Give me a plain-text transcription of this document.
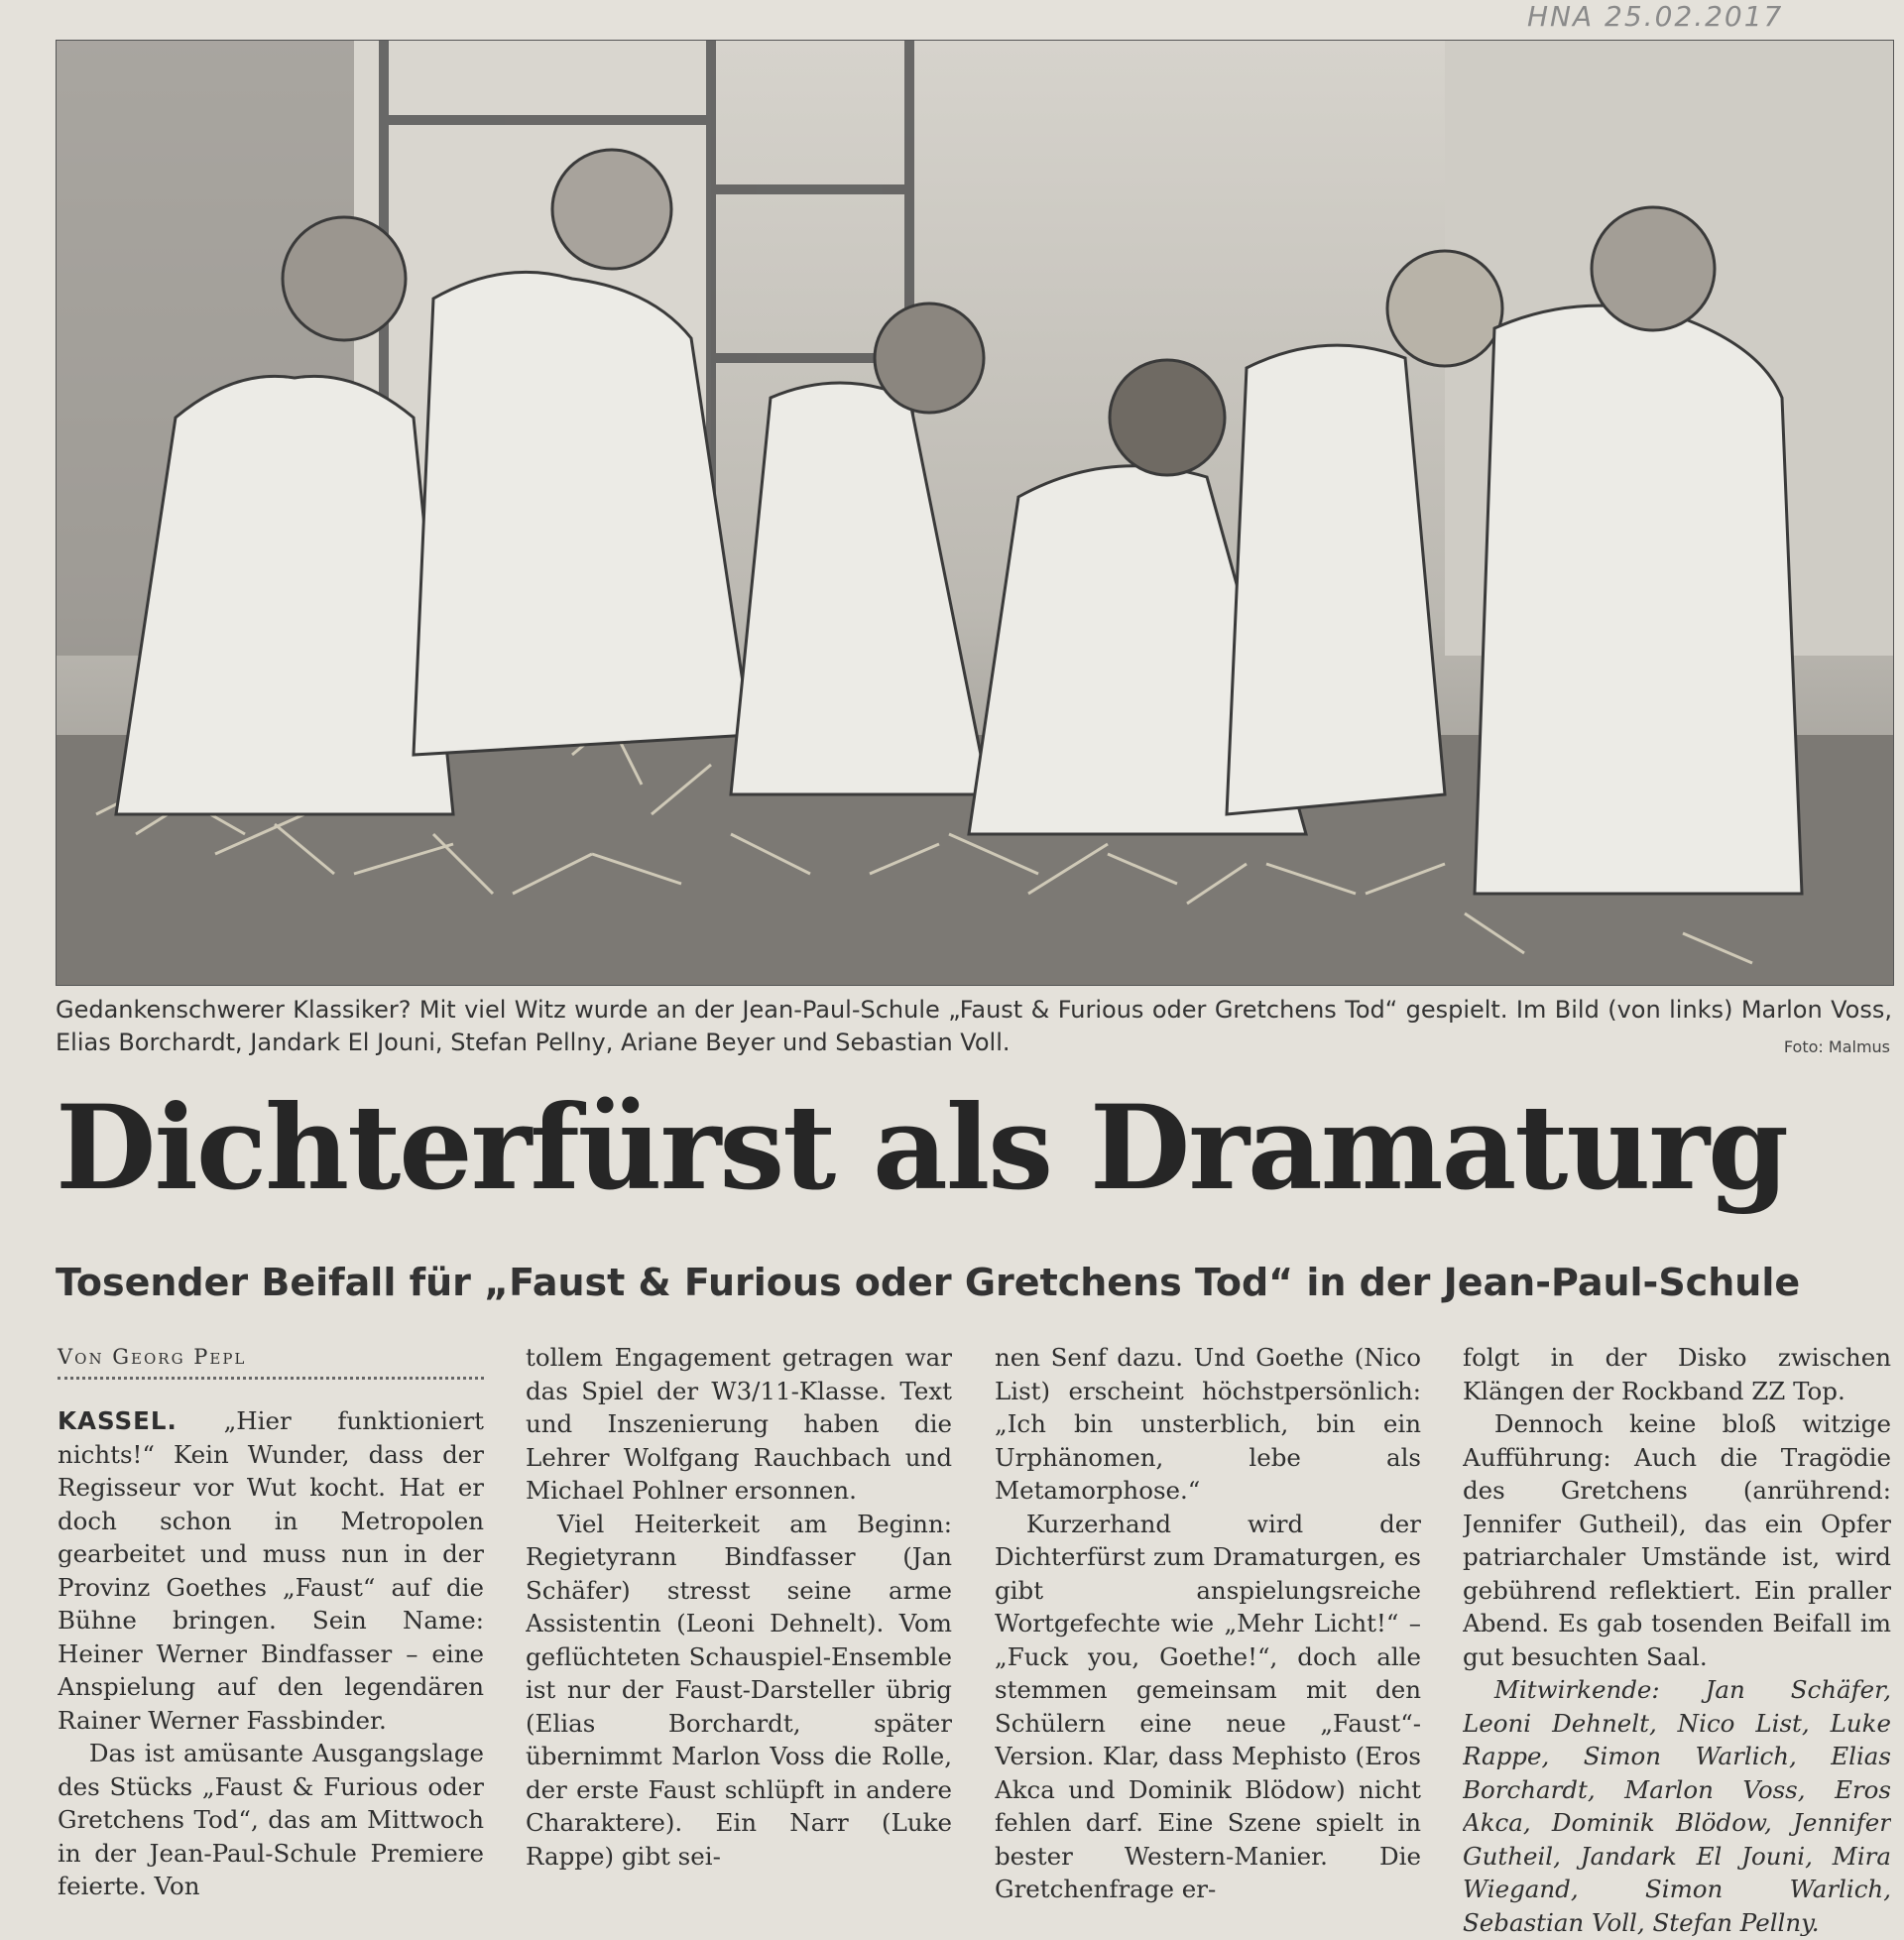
HNA 25.02.2017

Gedankenschwerer Klassiker? Mit viel Witz wurde an der Jean-Paul-Schule „Faust & Furious oder Gretchens Tod“ gespielt. Im Bild (von links) Marlon Voss, Elias Borchardt, Jandark El Jouni, Stefan Pellny, Ariane Beyer und Sebastian Voll.	Foto: Malmus
Dichterfürst als Dramaturg
Tosender Beifall für „Faust & Furious oder Gretchens Tod“ in der Jean-Paul-Schule
Von Georg Pepl

KASSEL. „Hier funktioniert nichts!“ Kein Wunder, dass der Regisseur vor Wut kocht. Hat er doch schon in Metropolen gearbeitet und muss nun in der Provinz Goethes „Faust“ auf die Bühne bringen. Sein Name: Heiner Werner Bindfasser – eine Anspielung auf den legendären Rainer Werner Fassbinder.

Das ist amüsante Ausgangslage des Stücks „Faust & Furious oder Gretchens Tod“, das am Mittwoch in der Jean-Paul-Schule Premiere feierte. Von

tollem Engagement getragen war das Spiel der W3/11-Klasse. Text und Inszenierung haben die Lehrer Wolfgang Rauchbach und Michael Pohlner ersonnen.

Viel Heiterkeit am Beginn: Regietyrann Bindfasser (Jan Schäfer) stresst seine arme Assistentin (Leoni Dehnelt). Vom geflüchteten Schauspiel-Ensemble ist nur der Faust-Darsteller übrig (Elias Borchardt, später übernimmt Marlon Voss die Rolle, der erste Faust schlüpft in andere Charaktere). Ein Narr (Luke Rappe) gibt sei-

nen Senf dazu. Und Goethe (Nico List) erscheint höchstpersönlich: „Ich bin unsterblich, bin ein Urphänomen, lebe als Metamorphose.“

Kurzerhand wird der Dichterfürst zum Dramaturgen, es gibt anspielungsreiche Wortgefechte wie „Mehr Licht!“ – „Fuck you, Goethe!“, doch alle stemmen gemeinsam mit den Schülern eine neue „Faust“-Version. Klar, dass Mephisto (Eros Akca und Dominik Blödow) nicht fehlen darf. Eine Szene spielt in bester Western-Manier. Die Gretchenfrage er-

folgt in der Disko zwischen Klängen der Rockband ZZ Top.

Dennoch keine bloß witzige Aufführung: Auch die Tragödie des Gretchens (anrührend: Jennifer Gutheil), das ein Opfer patriarchaler Umstände ist, wird gebührend reflektiert. Ein praller Abend. Es gab tosenden Beifall im gut besuchten Saal.

Mitwirkende: Jan Schäfer, Leoni Dehnelt, Nico List, Luke Rappe, Simon Warlich, Elias Borchardt, Marlon Voss, Eros Akca, Dominik Blödow, Jennifer Gutheil, Jandark El Jouni, Mira Wiegand, Simon Warlich, Sebastian Voll, Stefan Pellny.
